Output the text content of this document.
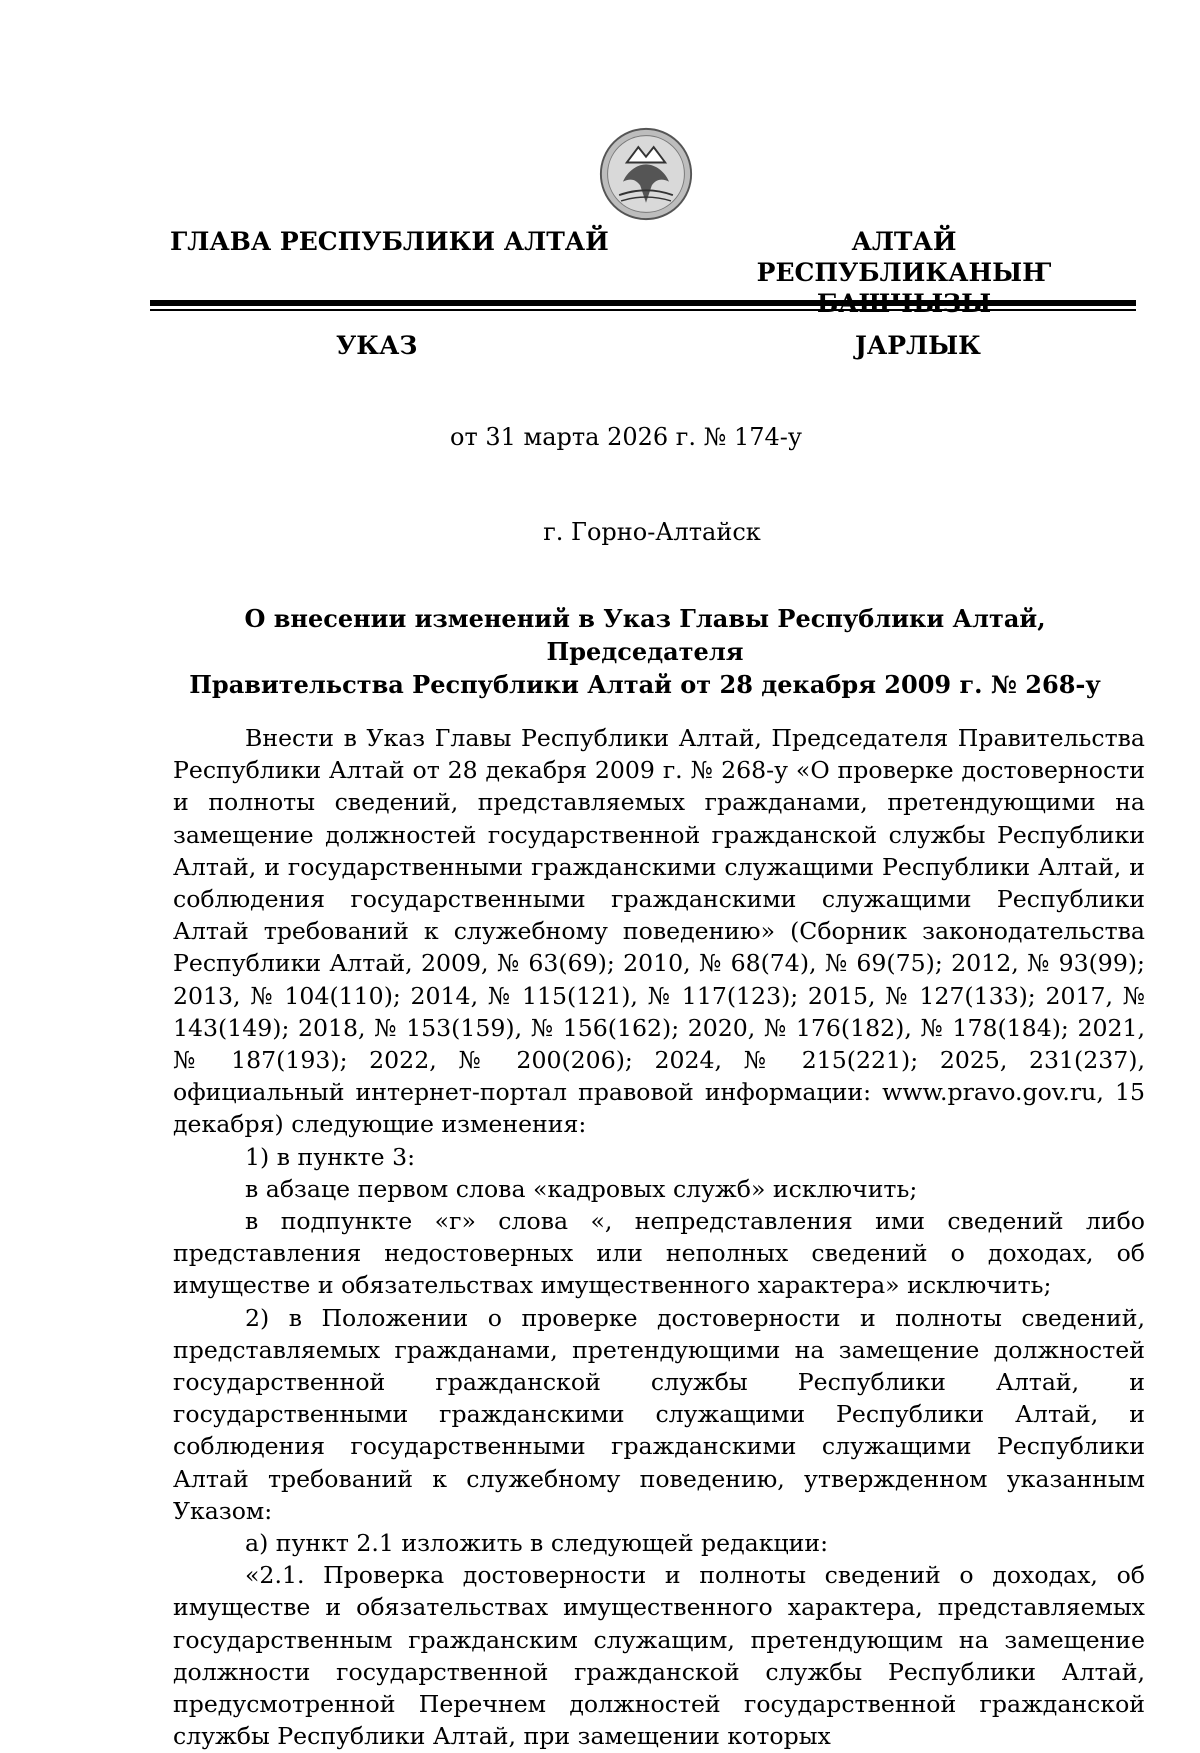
ГЛАВА РЕСПУБЛИКИ АЛТАЙ	АЛТАЙ РЕСПУБЛИКАНЫҤ
УКАЗ	ЈАРЛЫК
от 31 марта 2026 г. № 174-у
г. Горно-Алтайск
О внесении изменений в Указ Главы Республики Алтай, Председателя
Правительства Республики Алтай от 28 декабря 2009 г. № 268-у

Внести в Указ Главы Республики Алтай, Председателя Правительства Республики Алтай от 28 декабря 2009 г. № 268-у «О проверке достоверности и полноты сведений, представляемых гражданами, претендующими на замещение должностей государственной гражданской службы Республики Алтай, и государственными гражданскими служащими Республики Алтай, и соблюдения государственными гражданскими служащими Республики Алтай требований к служебному поведению» (Сборник законодательства Республики Алтай, 2009, № 63(69); 2010, № 68(74), № 69(75); 2012, № 93(99); 2013, № 104(110); 2014, № 115(121), № 117(123); 2015, № 127(133); 2017, № 143(149); 2018, № 153(159), № 156(162); 2020, № 176(182), № 178(184); 2021, № 187(193); 2022, № 200(206); 2024, № 215(221); 2025, 231(237), официальный интернет-портал правовой информации: www.pravo.gov.ru, 15 декабря) следующие изменения:

1) в пункте 3:

в абзаце первом слова «кадровых служб» исключить;

в подпункте «г» слова «, непредставления ими сведений либо представления недостоверных или неполных сведений о доходах, об имуществе и обязательствах имущественного характера» исключить;

2) в Положении о проверке достоверности и полноты сведений, представляемых гражданами, претендующими на замещение должностей государственной гражданской службы Республики Алтай, и государственными гражданскими служащими Республики Алтай, и соблюдения государственными гражданскими служащими Республики Алтай требований к служебному поведению, утвержденном указанным Указом:

а) пункт 2.1 изложить в следующей редакции:

«2.1. Проверка достоверности и полноты сведений о доходах, об имуществе и обязательствах имущественного характера, представляемых государственным гражданским служащим, претендующим на замещение должности государственной гражданской службы Республики Алтай, предусмотренной Перечнем должностей государственной гражданской службы Республики Алтай, при замещении которых
